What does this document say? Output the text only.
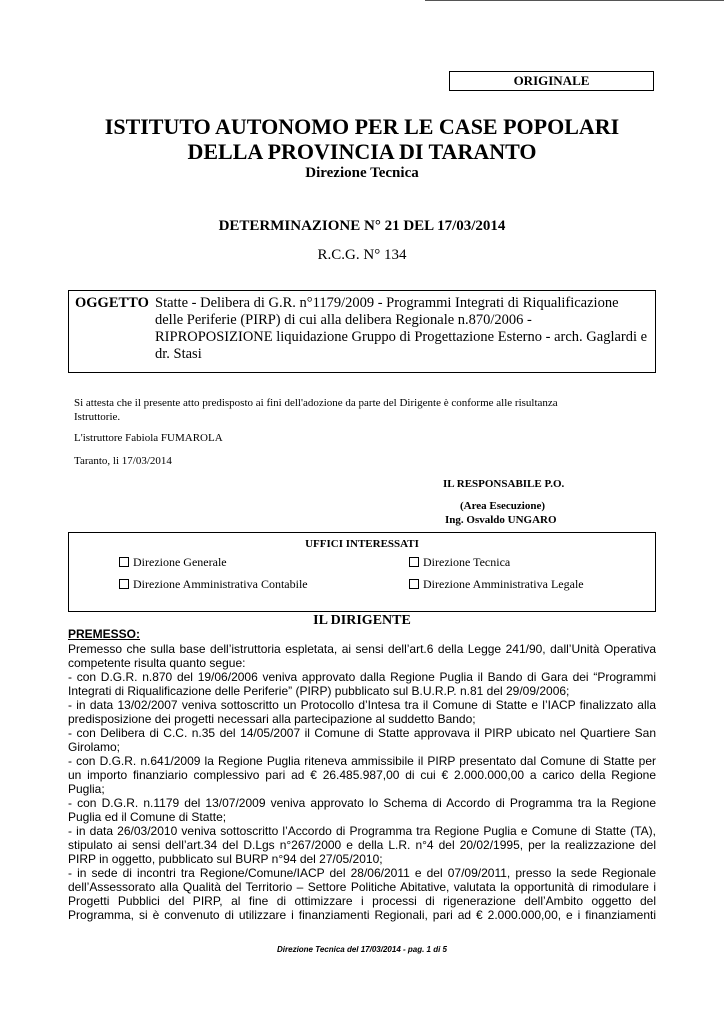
ORIGINALE
ISTITUTO AUTONOMO PER LE CASE POPOLARI
DELLA PROVINCIA DI TARANTO
Direzione Tecnica
DETERMINAZIONE N° 21 DEL 17/03/2014
R.C.G. N° 134
OGGETTO Statte - Delibera di G.R. n°1179/2009 - Programmi Integrati di Riqualificazione
delle Periferie (PIRP) di cui alla delibera Regionale n.870/2006 -
RIPROPOSIZIONE liquidazione Gruppo di Progettazione Esterno - arch. Gaglardi e
dr. Stasi
Si attesta che il presente atto predisposto ai fini dell'adozione da parte del Dirigente è conforme alle risultanza
Istruttorie.
L'istruttore Fabiola FUMAROLA
Taranto, li 17/03/2014
IL RESPONSABILE P.O.
(Area Esecuzione)
Ing. Osvaldo UNGARO
UFFICI INTERESSATI
Direzione Generale	Direzione Tecnica
Direzione Amministrativa Contabile	Direzione Amministrativa Legale
IL DIRIGENTE
PREMESSO:
Premesso che sulla base dell’istruttoria espletata, ai sensi dell’art.6 della Legge 241/90, dall’Unità Operativa
competente risulta quanto segue:
- con D.G.R. n.870 del 19/06/2006 veniva approvato dalla Regione Puglia il Bando di Gara dei “Programmi
Integrati di Riqualificazione delle Periferie” (PIRP) pubblicato sul B.U.R.P. n.81 del 29/09/2006;
- in data 13/02/2007 veniva sottoscritto un Protocollo d’Intesa tra il Comune di Statte e l’IACP finalizzato alla
predisposizione dei progetti necessari alla partecipazione al suddetto Bando;
- con Delibera di C.C. n.35 del 14/05/2007 il Comune di Statte approvava il PIRP ubicato nel Quartiere San
Girolamo;
- con D.G.R. n.641/2009 la Regione Puglia riteneva ammissibile il PIRP presentato dal Comune di Statte per
un importo finanziario complessivo pari ad € 26.485.987,00 di cui € 2.000.000,00 a carico della Regione
Puglia;
- con D.G.R. n.1179 del 13/07/2009 veniva approvato lo Schema di Accordo di Programma tra la Regione
Puglia ed il Comune di Statte;
- in data 26/03/2010 veniva sottoscritto l’Accordo di Programma tra Regione Puglia e Comune di Statte (TA),
stipulato ai sensi dell’art.34 del D.Lgs n°267/2000 e della L.R. n°4 del 20/02/1995, per la realizzazione del
PIRP in oggetto, pubblicato sul BURP n°94 del 27/05/2010;
- in sede di incontri tra Regione/Comune/IACP del 28/06/2011 e del 07/09/2011, presso la sede Regionale
dell’Assessorato alla Qualità del Territorio – Settore Politiche Abitative, valutata la opportunità di rimodulare i
Progetti Pubblici del PIRP, al fine di ottimizzare i processi di rigenerazione dell’Ambito oggetto del
Programma, si è convenuto di utilizzare i finanziamenti Regionali, pari ad € 2.000.000,00, e i finanziamenti
Direzione Tecnica del 17/03/2014 - pag. 1 di 5
